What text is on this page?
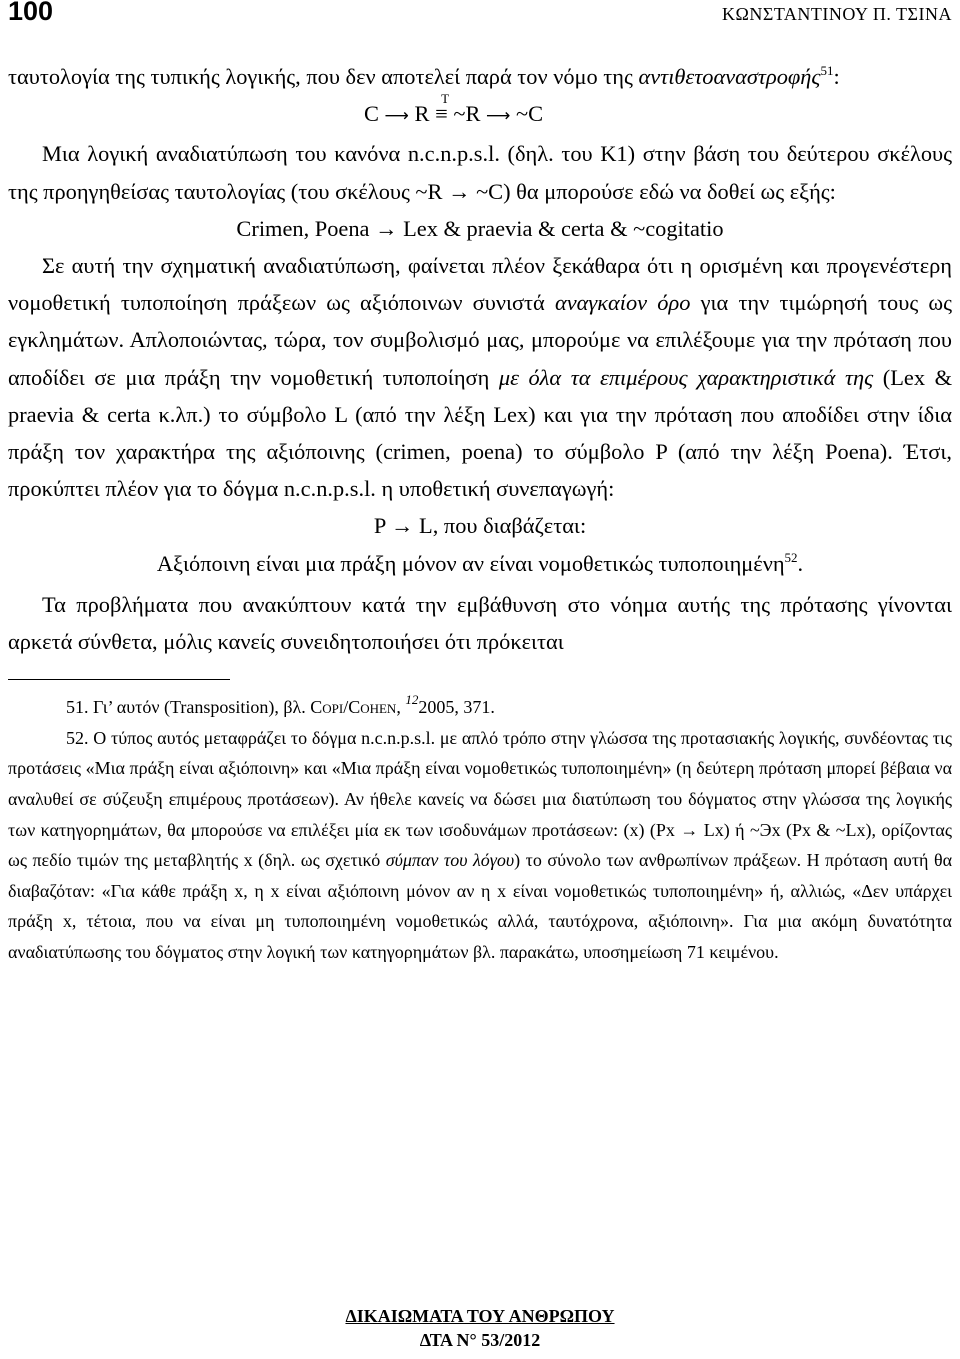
100	ΚΩΝΣΤΑΝΤΙΝΟΥ Π. ΤΣΙΝΑ

ταυτολογία της τυπικής λογικής, που δεν αποτελεί παρά τον νόμο της αντιθετοαναστροφής$^{51}$:

C ⟶ R ≡
T
~R ⟶ ~C

Μια λογική αναδιατύπωση του κανόνα n.c.n.p.s.l. (δηλ. του Κ1) στην βάση του δεύτερου σκέλους της προηγηθείσας ταυτολογίας (του σκέλους ~R → ~C) θα μπορούσε εδώ να δοθεί ως εξής:

Crimen, Poena → Lex & praevia & certa & ~cogitatio

Σε αυτή την σχηματική αναδιατύπωση, φαίνεται πλέον ξεκάθαρα ότι η ορισμένη και προγενέστερη νομοθετική τυποποίηση πράξεων ως αξιόποινων συνιστά αναγκαίον όρο για την τιμώρησή τους ως εγκλημάτων. Απλοποιώντας, τώρα, τον συμβολισμό μας, μπορούμε να επιλέξουμε για την πρόταση που αποδίδει σε μια πράξη την νομοθετική τυποποίηση με όλα τα επιμέρους χαρακτηριστικά της (Lex & praevia & certa κ.λπ.) το σύμβολο L (από την λέξη Lex) και για την πρόταση που αποδίδει στην ίδια πράξη τον χαρακτήρα της αξιόποινης (crimen, poena) το σύμβολο P (από την λέξη Poena). Έτσι, προκύπτει πλέον για το δόγμα n.c.n.p.s.l. η υποθετική συνεπαγωγή:

P → L, που διαβάζεται:

Αξιόποινη είναι μια πράξη μόνον αν είναι νομοθετικώς τυποποιημένη$^{52}$.

Τα προβλήματα που ανακύπτουν κατά την εμβάθυνση στο νόημα αυτής της πρότασης γίνονται αρκετά σύνθετα, μόλις κανείς συνειδητοποιήσει ότι πρόκειται

51. Γι’ αυτόν (Transposition), βλ. Copi/Cohen, $^{12}$2005, 371.

52. Ο τύπος αυτός μεταφράζει το δόγμα n.c.n.p.s.l. με απλό τρόπο στην γλώσσα της προτασιακής λογικής, συνδέοντας τις προτάσεις «Μια πράξη είναι αξιόποινη» και «Μια πράξη είναι νομοθετικώς τυποποιημένη» (η δεύτερη πρόταση μπορεί βέβαια να αναλυθεί σε σύζευξη επιμέρους προτάσεων). Αν ήθελε κανείς να δώσει μια διατύπωση του δόγματος στην γλώσσα της λογικής των κατηγορημάτων, θα μπορούσε να επιλέξει μία εκ των ισοδυνάμων προτάσεων: (x) (Px → Lx) ή ~Эx (Px & ~Lx), ορίζοντας ως πεδίο τιμών της μεταβλητής x (δηλ. ως σχετικό σύμπαν του λόγου) το σύνολο των ανθρωπίνων πράξεων. Η πρόταση αυτή θα διαβαζόταν: «Για κάθε πράξη x, η x είναι αξιόποινη μόνον αν η x είναι νομοθετικώς τυποποιημένη» ή, αλλιώς, «Δεν υπάρχει πράξη x, τέτοια, που να είναι μη τυποποιημένη νομοθετικώς αλλά, ταυτόχρονα, αξιόποινη». Για μια ακόμη δυνατότητα αναδιατύπωσης του δόγματος στην λογική των κατηγορημάτων βλ. παρακάτω, υποσημείωση 71 κειμένου.

ΔΙΚΑΙΩΜΑΤΑ ΤΟΥ ΑΝΘΡΩΠΟΥ
ΔΤΑ Ν° 53/2012
